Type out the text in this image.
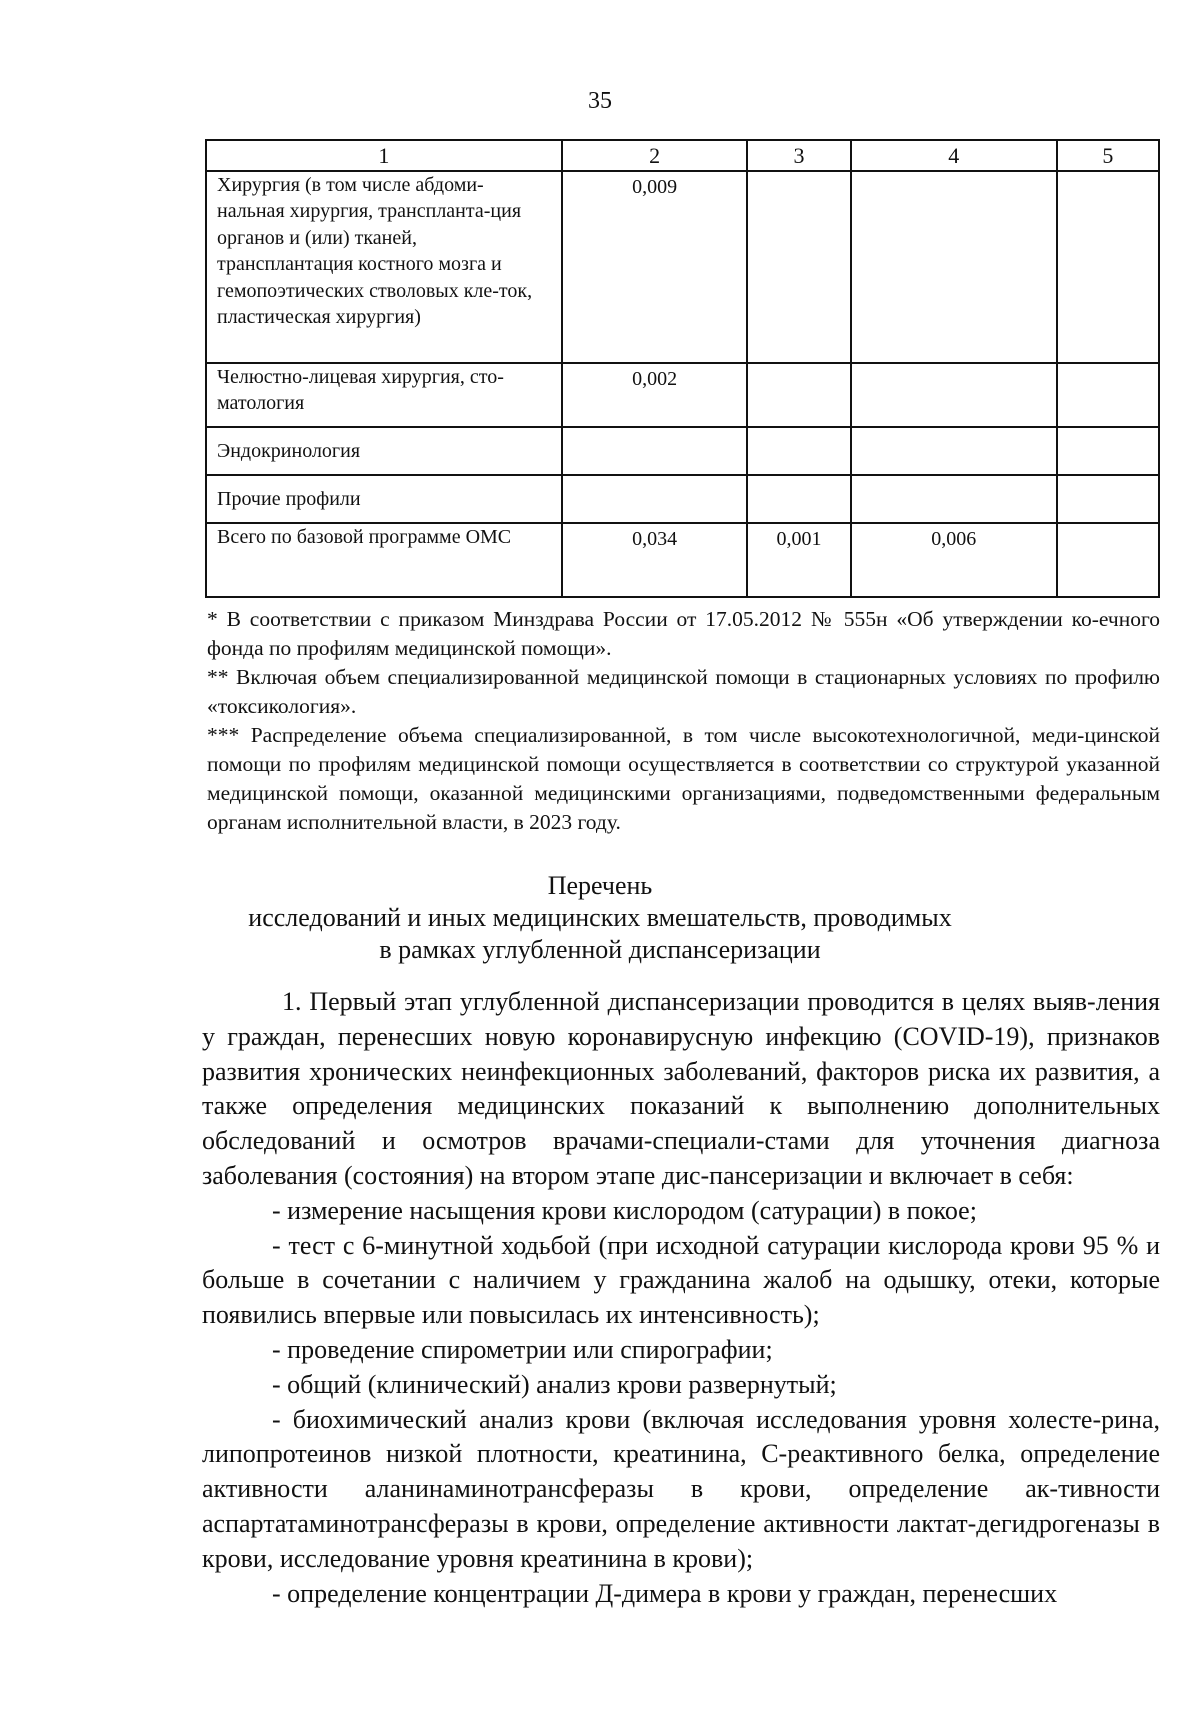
35
1	2	3	4	5
Хирургия (в том числе абдоми-нальная хирургия, транспланта-ция органов и (или) тканей, трансплантация костного мозга и гемопоэтических стволовых кле-ток, пластическая хирургия)	0,009			
Челюстно-лицевая хирургия, сто-матология	0,002			
Эндокринология				
Прочие профили				
Всего по базовой программе ОМС	0,034	0,001	0,006	

* В соответствии с приказом Минздрава России от 17.05.2012 № 555н «Об утверждении ко-ечного фонда по профилям медицинской помощи».

** Включая объем специализированной медицинской помощи в стационарных условиях по профилю «токсикология».

*** Распределение объема специализированной, в том числе высокотехнологичной, меди-цинской помощи по профилям медицинской помощи осуществляется в соответствии со структурой указанной медицинской помощи, оказанной медицинскими организациями, подведомственными федеральным органам исполнительной власти, в 2023 году.

Перечень

исследований и иных медицинских вмешательств, проводимых

в рамках углубленной диспансеризации

1. Первый этап углубленной диспансеризации проводится в целях выяв-ления у граждан, перенесших новую коронавирусную инфекцию (COVID-19), признаков развития хронических неинфекционных заболеваний, факторов риска их развития, а также определения медицинских показаний к выполнению дополнительных обследований и осмотров врачами-специали-стами для уточнения диагноза заболевания (состояния) на втором этапе дис-пансеризации и включает в себя:

- измерение насыщения крови кислородом (сатурации) в покое;

- тест с 6-минутной ходьбой (при исходной сатурации кислорода крови 95 % и больше в сочетании с наличием у гражданина жалоб на одышку, отеки, которые появились впервые или повысилась их интенсивность);

- проведение спирометрии или спирографии;

- общий (клинический) анализ крови развернутый;

- биохимический анализ крови (включая исследования уровня холесте-рина, липопротеинов низкой плотности, креатинина, С-реактивного белка, определение активности аланинаминотрансферазы в крови, определение ак-тивности аспартатаминотрансферазы в крови, определение активности лактат-дегидрогеназы в крови, исследование уровня креатинина в крови);

- определение концентрации Д-димера в крови у граждан, перенесших
